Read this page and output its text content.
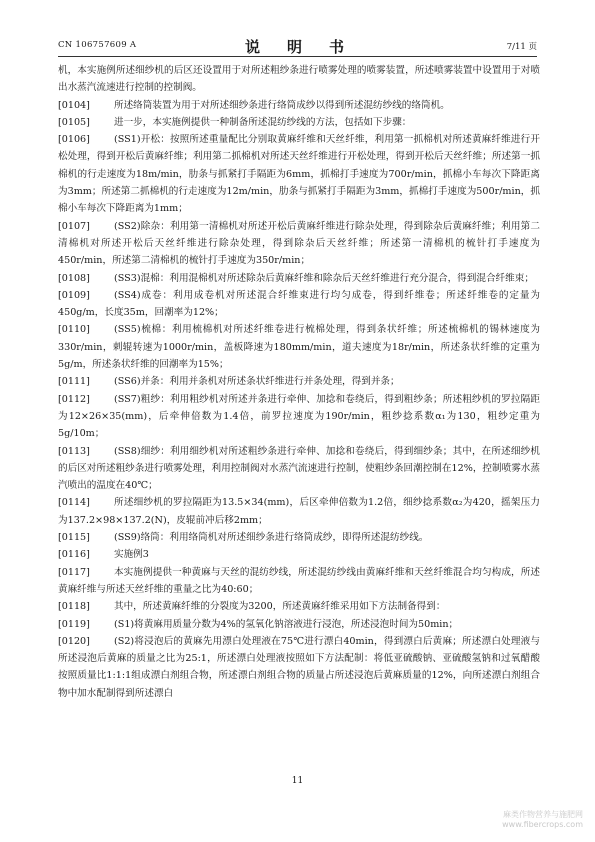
CN 106757609 A	说　明　书	7/11 页

机，本实施例所述细纱机的后区还设置用于对所述粗纱条进行喷雾处理的喷雾装置，所述喷雾装置中设置用于对喷出水蒸汽流速进行控制的控制阀。

[0104]	所述络筒装置为用于对所述细纱条进行络筒成纱以得到所述混纺纱线的络筒机。

[0105]	进一步，本实施例提供一种制备所述混纺纱线的方法，包括如下步骤：

[0106]	(SS1)开松：按照所述重量配比分别取黄麻纤维和天丝纤维，利用第一抓棉机对所述黄麻纤维进行开松处理，得到开松后黄麻纤维；利用第二抓棉机对所述天丝纤维进行开松处理，得到开松后天丝纤维；所述第一抓棉机的行走速度为18m/min，肋条与抓紧打手隔距为6mm，抓棉打手速度为700r/min，抓棉小车每次下降距离为3mm；所述第二抓棉机的行走速度为12m/min，肋条与抓紧打手隔距为3mm，抓棉打手速度为500r/min，抓棉小车每次下降距离为1mm；

[0107]	(SS2)除杂：利用第一清棉机对所述开松后黄麻纤维进行除杂处理，得到除杂后黄麻纤维；利用第二清棉机对所述开松后天丝纤维进行除杂处理，得到除杂后天丝纤维；所述第一清棉机的梳针打手速度为450r/min，所述第二清棉机的梳针打手速度为350r/min；

[0108]	(SS3)混棉：利用混棉机对所述除杂后黄麻纤维和除杂后天丝纤维进行充分混合，得到混合纤维束；

[0109]	(SS4)成卷：利用成卷机对所述混合纤维束进行均匀成卷，得到纤维卷；所述纤维卷的定量为450g/m，长度35m，回潮率为12%；

[0110]	(SS5)梳棉：利用梳棉机对所述纤维卷进行梳棉处理，得到条状纤维；所述梳棉机的锡林速度为330r/min，刺辊转速为1000r/min，盖板降速为180mm/min，道夫速度为18r/min，所述条状纤维的定重为5g/m，所述条状纤维的回潮率为15%；

[0111]	(SS6)并条：利用并条机对所述条状纤维进行并条处理，得到并条；

[0112]	(SS7)粗纱：利用粗纱机对所述并条进行牵伸、加捻和卷绕后，得到粗纱条；所述粗纱机的罗拉隔距为12×26×35(mm)，后牵伸倍数为1.4倍，前罗拉速度为190r/min，粗纱捻系数α₁为130，粗纱定重为5g/10m；

[0113]	(SS8)细纱：利用细纱机对所述粗纱条进行牵伸、加捻和卷绕后，得到细纱条；其中，在所述细纱机的后区对所述粗纱条进行喷雾处理，利用控制阀对水蒸汽流速进行控制，使粗纱条回潮控制在12%，控制喷雾水蒸汽喷出的温度在40℃；

[0114]	所述细纱机的罗拉隔距为13.5×34(mm)，后区牵伸倍数为1.2倍，细纱捻系数α₂为420，摇架压力为137.2×98×137.2(N)，皮辊前冲后移2mm；

[0115]	(SS9)络筒：利用络筒机对所述细纱条进行络筒成纱，即得所述混纺纱线。

[0116]	实施例3

[0117]	本实施例提供一种黄麻与天丝的混纺纱线，所述混纺纱线由黄麻纤维和天丝纤维混合均匀构成，所述黄麻纤维与所述天丝纤维的重量之比为40:60；

[0118]	其中，所述黄麻纤维的分裂度为3200，所述黄麻纤维采用如下方法制备得到：

[0119]	(S1)将黄麻用质量分数为4%的氢氧化钠溶液进行浸泡，所述浸泡时间为50min；

[0120]	(S2)将浸泡后的黄麻先用漂白处理液在75℃进行漂白40min，得到漂白后黄麻；所述漂白处理液与所述浸泡后黄麻的质量之比为25:1，所述漂白处理液按照如下方法配制：将低亚硫酸钠、亚硫酸氢钠和过氧醋酸按照质量比1:1:1组成漂白剂组合物，所述漂白剂组合物的质量占所述浸泡后黄麻质量的12%，向所述漂白剂组合物中加水配制得到所述漂白

11
麻类作物营养与施肥网
www.fibercrops.com
